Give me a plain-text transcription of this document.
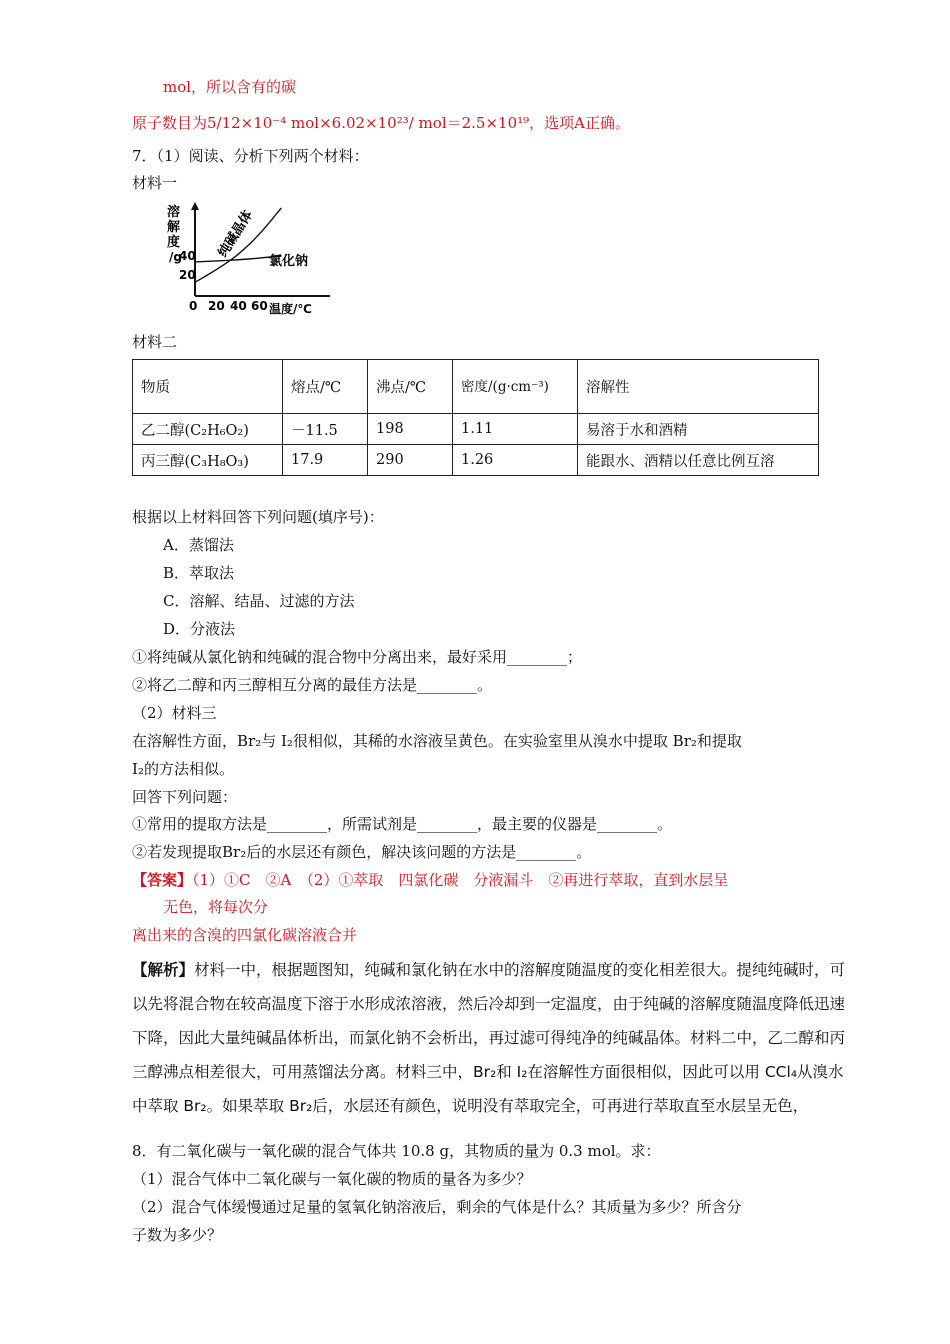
mol，所以含有的碳
原子数目为5/12×10⁻⁴ mol×6.02×10²³/ mol＝2.5×10¹⁹，选项A正确。
7．（1）阅读、分析下列两个材料：
材料一
溶
解
度
/g
40
20
0 20 40 60 温度/℃
纯碱晶体
氯化钠
材料二
物质	熔点/℃	沸点/℃	密度/(g·cm⁻³)	溶解性
乙二醇(C₂H₆O₂)	－11.5	198	1.11	易溶于水和酒精
丙三醇(C₃H₈O₃)	17.9	290	1.26	能跟水、酒精以任意比例互溶
根据以上材料回答下列问题(填序号)：
A．蒸馏法
B．萃取法
C．溶解、结晶、过滤的方法
D．分液法
①将纯碱从氯化钠和纯碱的混合物中分离出来，最好采用________；
②将乙二醇和丙三醇相互分离的最佳方法是________。
（2）材料三
在溶解性方面，Br₂与 I₂很相似，其稀的水溶液呈黄色。在实验室里从溴水中提取 Br₂和提取
I₂的方法相似。
回答下列问题：
①常用的提取方法是________，所需试剂是________，最主要的仪器是________。
②若发现提取Br₂后的水层还有颜色，解决该问题的方法是________。
【答案】（1）①C　②A　（2）①萃取　四氯化碳　分液漏斗　②再进行萃取，直到水层呈
无色，将每次分
离出来的含溴的四氯化碳溶液合并
【解析】材料一中，根据题图知，纯碱和氯化钠在水中的溶解度随温度的变化相差很大。提纯纯碱时，可
以先将混合物在较高温度下溶于水形成浓溶液，然后冷却到一定温度，由于纯碱的溶解度随温度降低迅速
下降，因此大量纯碱晶体析出，而氯化钠不会析出，再过滤可得纯净的纯碱晶体。材料二中，乙二醇和丙
三醇沸点相差很大，可用蒸馏法分离。材料三中，Br₂和 I₂在溶解性方面很相似，因此可以用 CCl₄从溴水
中萃取 Br₂。如果萃取 Br₂后，水层还有颜色，说明没有萃取完全，可再进行萃取直至水层呈无色，
8．有二氧化碳与一氧化碳的混合气体共 10.8 g，其物质的量为 0.3 mol。求：
（1）混合气体中二氧化碳与一氧化碳的物质的量各为多少？
（2）混合气体缓慢通过足量的氢氧化钠溶液后，剩余的气体是什么？其质量为多少？所含分
子数为多少？
